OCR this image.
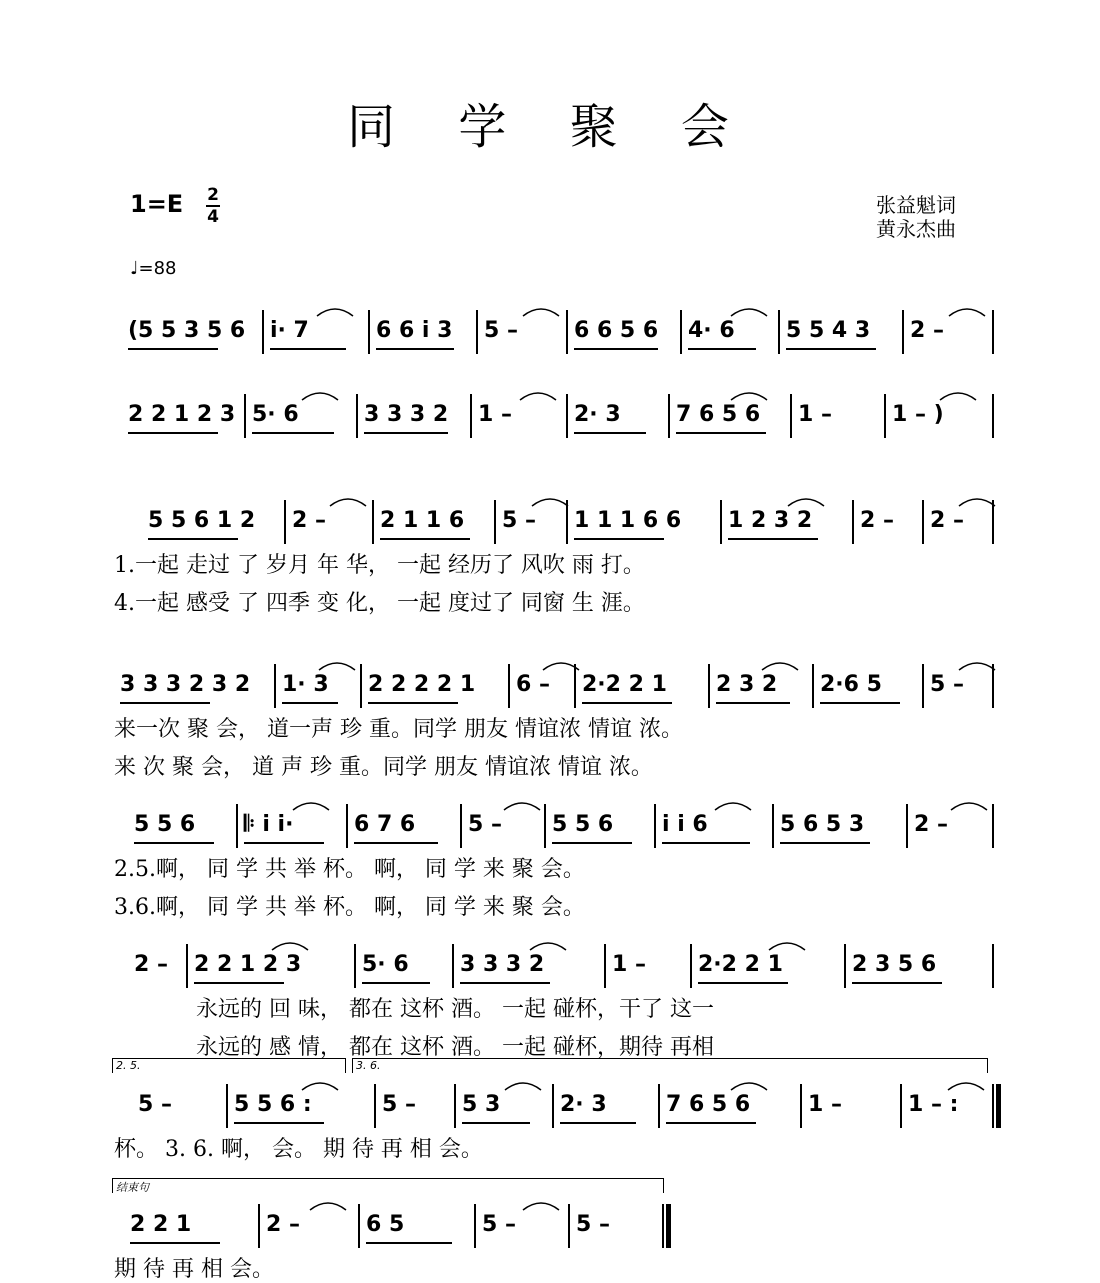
同 学 聚 会
1=E 2
4
♩=88
张益魁词
黄永杰曲
(5 5 3 5 6 i· 7	6 6 i 3 5 –	6 6 5 6 4· 6 5 5 4 3 2 –
2 2 1 2 3 5· 6	3 3 3 2 1 –	2· 3	7 6 5 6 1 –	1 – )
5 5 6 1 2 2 – 2 1 1 6 5 – 1 1 1 6 6 1 2 3 2 2 – 2 –
1.一起 走过 了 岁月 年 华， 一起 经历了 风吹 雨 打。
4.一起 感受 了 四季 变 化， 一起 度过了 同窗 生 涯。
3 3 3 2 3 2 1· 3 2 2 2 2 1 6 – 2·2 2 1 2 3 2 2·6 5 5 –
来一次 聚 会， 道一声 珍 重。同学 朋友 情谊浓 情谊 浓。
来 次 聚 会， 道 声 珍 重。同学 朋友 情谊浓 情谊 浓。
5 5 6 𝄆 i i·	6 7 6 5 – 5 5 6 i i 6	5 6 5 3 2 –
2.5.啊， 同 学 共 举 杯。 啊， 同 学 来 聚 会。
3.6.啊， 同 学 共 举 杯。 啊， 同 学 来 聚 会。
2 – 2 2 1 2 3	5· 6 3 3 3 2	1 – 2·2 2 1	2 3 5 6
永远的 回 味， 都在 这杯 酒。 一起 碰杯，干了 这一
永远的 感 情， 都在 这杯 酒。 一起 碰杯，期待 再相
5 –	5 5 6 :	5 – 5 3	2· 3	7 6 5 6	1 –	1 – :
杯。 3. 6. 啊， 会。 期 待 再 相 会。
2. 5.	3. 6.
2 2 1	2 –	6 5	5 –	5 –
期 待 再 相 会。
结束句
